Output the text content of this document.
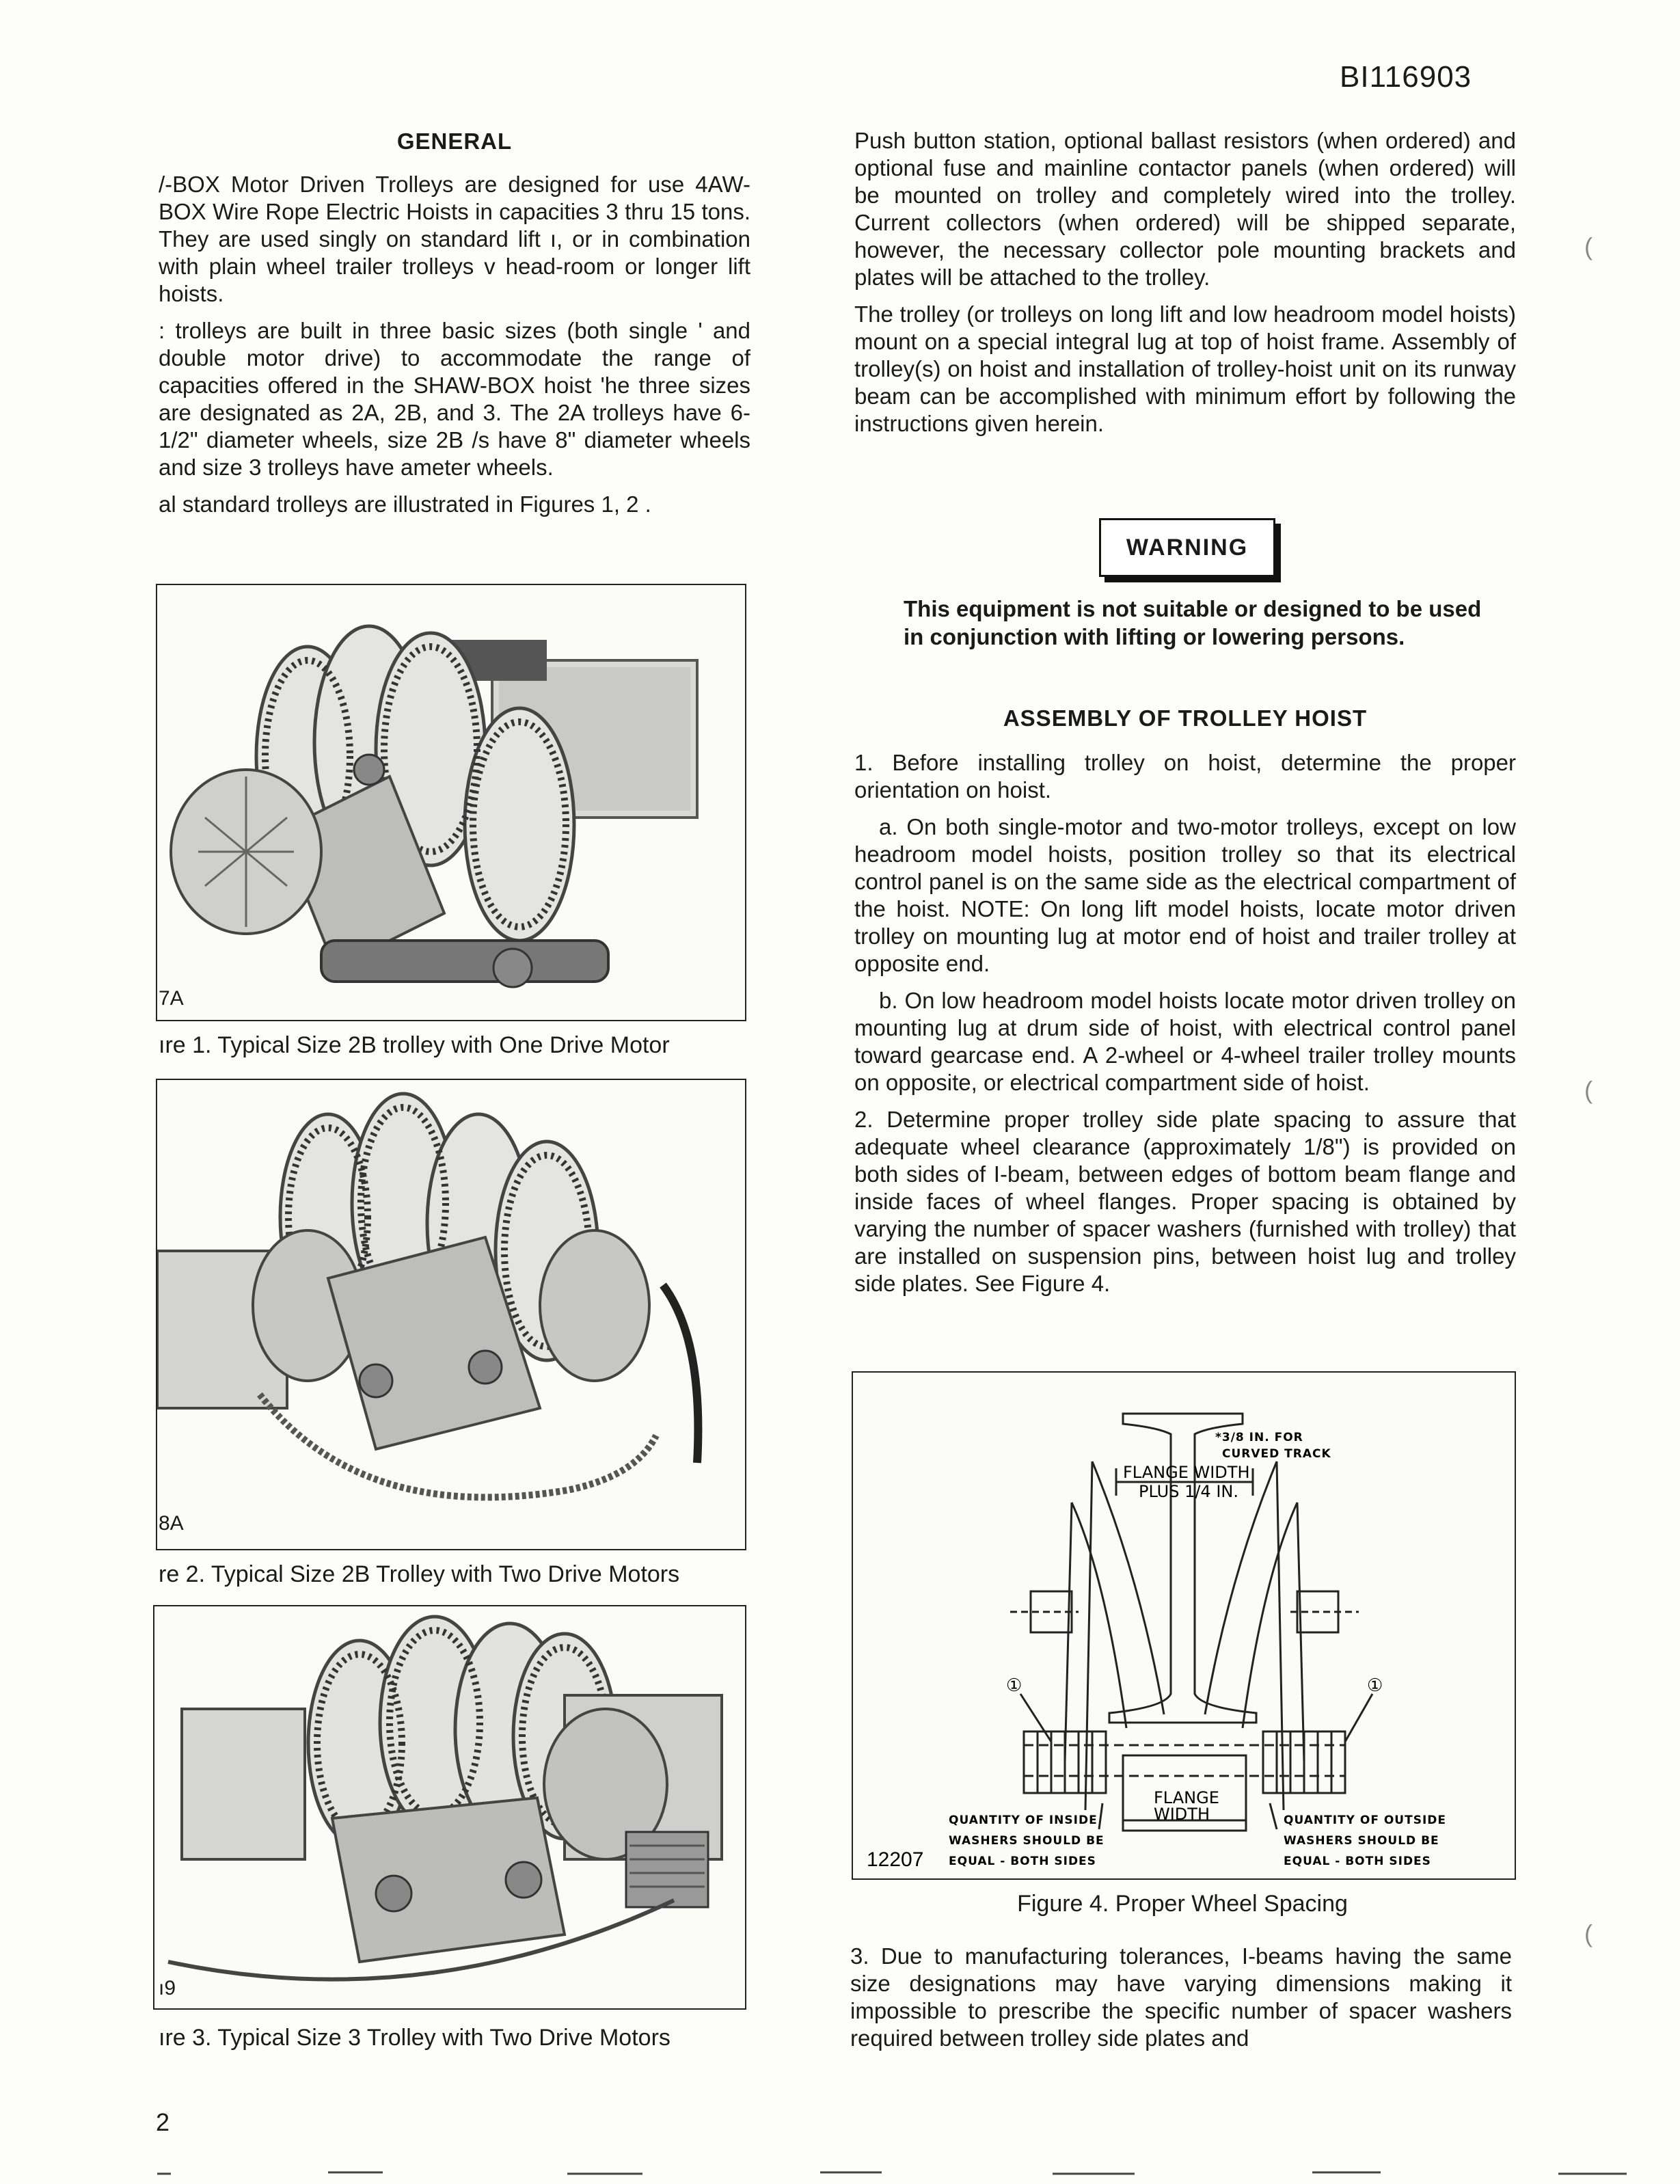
BI116903
GENERAL

/-BOX Motor Driven Trolleys are designed for use 4AW-BOX Wire Rope Electric Hoists in capacities 3 thru 15 tons. They are used singly on standard lift ı, or in combination with plain wheel trailer trolleys v head-room or longer lift hoists.

: trolleys are built in three basic sizes (both single ' and double motor drive) to accommodate the range of capacities offered in the SHAW-BOX hoist 'he three sizes are designated as 2A, 2B, and 3. The 2A trolleys have 6-1/2" diameter wheels, size 2B /s have 8" diameter wheels and size 3 trolleys have ameter wheels.

al standard trolleys are illustrated in Figures 1, 2 .

7A
ıre 1. Typical Size 2B trolley with One Drive Motor
8A
re 2. Typical Size 2B Trolley with Two Drive Motors
ı9
ıre 3. Typical Size 3 Trolley with Two Drive Motors

Push button station, optional ballast resistors (when ordered) and optional fuse and mainline contactor panels (when ordered) will be mounted on trolley and completely wired into the trolley. Current collectors (when ordered) will be shipped separate, however, the necessary collector pole mounting brackets and plates will be attached to the trolley.

The trolley (or trolleys on long lift and low headroom model hoists) mount on a special integral lug at top of hoist frame. Assembly of trolley(s) on hoist and installation of trolley-hoist unit on its runway beam can be accomplished with minimum effort by following the instructions given herein.

WARNING
This equipment is not suitable or designed to be used in conjunction with lifting or lowering persons.
ASSEMBLY OF TROLLEY HOIST

1. Before installing trolley on hoist, determine the proper orientation on hoist.

a. On both single-motor and two-motor trolleys, except on low headroom model hoists, position trolley so that its electrical control panel is on the same side as the electrical compartment of the hoist. NOTE: On long lift model hoists, locate motor driven trolley on mounting lug at motor end of hoist and trailer trolley at opposite end.

b. On low headroom model hoists locate motor driven trolley on mounting lug at drum side of hoist, with electrical control panel toward gearcase end. A 2-wheel or 4-wheel trailer trolley mounts on opposite, or electrical compartment side of hoist.

2. Determine proper trolley side plate spacing to assure that adequate wheel clearance (approximately 1/8") is provided on both sides of I-beam, between edges of bottom beam flange and inside faces of wheel flanges. Proper spacing is obtained by varying the number of spacer washers (furnished with trolley) that are installed on suspension pins, between hoist lug and trolley side plates. See Figure 4.

*3/8 IN. FOR
CURVED TRACK
FLANGE WIDTH
PLUS 1/4 IN.
FLANGE
WIDTH
①	①
QUANTITY OF INSIDE
WASHERS SHOULD BE
EQUAL - BOTH SIDES
QUANTITY OF OUTSIDE
WASHERS SHOULD BE
EQUAL - BOTH SIDES
12207
Figure 4. Proper Wheel Spacing

3. Due to manufacturing tolerances, I-beams having the same size designations may have varying dimensions making it impossible to prescribe the specific number of spacer washers required between trolley side plates and

(
(
(
2
